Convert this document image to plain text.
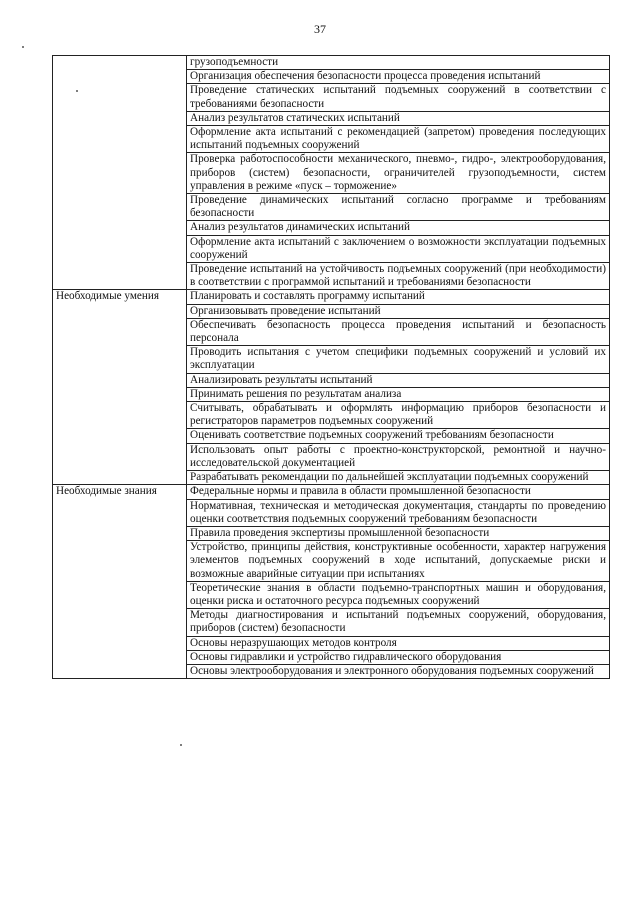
37
	грузоподъемности
	Организация обеспечения безопасности процесса проведения испытаний
	Проведение статических испытаний подъемных сооружений в соответствии с требованиями безопасности
	Анализ результатов статических испытаний
	Оформление акта испытаний с рекомендацией (запретом) проведения последующих испытаний подъемных сооружений
	Проверка работоспособности механического, пневмо-, гидро-, электрооборудования, приборов (систем) безопасности, ограничителей грузоподъемности, систем управления в режиме «пуск – торможение»
	Проведение динамических испытаний согласно программе и требованиям безопасности
	Анализ результатов динамических испытаний
	Оформление акта испытаний с заключением о возможности эксплуатации подъемных сооружений
	Проведение испытаний на устойчивость подъемных сооружений (при необходимости) в соответствии с программой испытаний и требованиями безопасности
Необходимые умения	Планировать и составлять программу испытаний
	Организовывать проведение испытаний
	Обеспечивать безопасность процесса проведения испытаний и безопасность персонала
	Проводить испытания с учетом специфики подъемных сооружений и условий их эксплуатации
	Анализировать результаты испытаний
	Принимать решения по результатам анализа
	Считывать, обрабатывать и оформлять информацию приборов безопасности и регистраторов параметров подъемных сооружений
	Оценивать соответствие подъемных сооружений требованиям безопасности
	Использовать опыт работы с проектно-конструкторской, ремонтной и научно-исследовательской документацией
	Разрабатывать рекомендации по дальнейшей эксплуатации подъемных сооружений
Необходимые знания	Федеральные нормы и правила в области промышленной безопасности
	Нормативная, техническая и методическая документация, стандарты по проведению оценки соответствия подъемных сооружений требованиям безопасности
	Правила проведения экспертизы промышленной безопасности
	Устройство, принципы действия, конструктивные особенности, характер нагружения элементов подъемных сооружений в ходе испытаний, допускаемые риски и возможные аварийные ситуации при испытаниях
	Теоретические знания в области подъемно-транспортных машин и оборудования, оценки риска и остаточного ресурса подъемных сооружений
	Методы диагностирования и испытаний подъемных сооружений, оборудования, приборов (систем) безопасности
	Основы неразрушающих методов контроля
	Основы гидравлики и устройство гидравлического оборудования
	Основы электрооборудования и электронного оборудования подъемных сооружений
